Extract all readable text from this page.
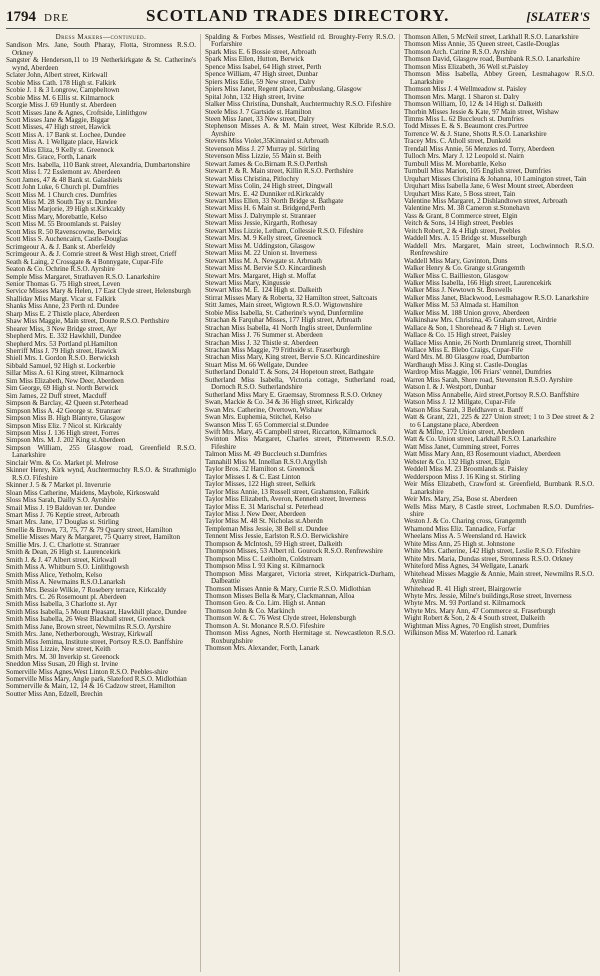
1794 DRE	SCOTLAND TRADES DIRECTORY.	[SLATER'S
Dress Makers—continued.

Sandison Mrs. Jane, South Pharay, Flotta, Stromness R.S.O. Orkney

Sangster & Henderson,11 to 19 Netherkirkgate & St. Catherine's wynd, Aberdeen

Sclater John, Albert street, Kirkwall

Scobie Miss Cath. 178 High st. Falkirk

Scobie J. 1 & 3 Longrow, Campbeltown

Scobie Miss M. 6 Ellis st. Kilmarnock

Scorgie Miss J. 69 Huntly st. Aberdeen

Scott Misses Jane & Agnes, Croftside, Linlithgow

Scott Misses Jane & Maggie, Biggar

Scott Misses, 47 High street, Hawick

Scott Miss A. 17 Bank st. Lochee, Dundee

Scott Miss A. 1 Wellgate place, Hawick

Scott Miss Eliza, 9 Kelly st. Greenock

Scott Mrs. Grace, Forth, Lanark

Scott Mrs. Isabella, 110 Bank street, Alexandria, Dumbartonshire

Scott Miss I. 72 Esslemont av. Aberdeen

Scott James, 47 & 48 Bank st. Galashiels

Scott John Luke, 6 Church pl. Dumfries

Scott Miss M. 1 Church cres. Dumfries

Scott Miss M. 28 South Tay st. Dundee

Scott Miss Marjorie, 39 High st.Kirkcaldy

Scott Miss Mary, Morebattle, Kelso

Scott Miss M. 55 Broomlands st. Paisley

Scott Miss R. 50 Ravenscowne, Berwick

Scott Miss S. Auchencairn, Castle-Douglas

Scrimgeour A. & J. Bank st. Aberfeldy

Scrimgeour A. & J. Comrie street & West High street, Crieff

Seath & Laing, 2 Crossgate & 4 Bonnygate, Cupar-Fife

Seaton & Co. Ochrine R.S.O. Ayrshire

Semple Miss Margaret, Strathaven R.S.O. Lanarkshire

Senior Thomas G. 75 High street, Leven

Service Misses Mary & Helen, 17 East Clyde street, Helensburgh

Shalliday Miss Margt. Vicar st. Falkirk

Shanks Miss Anne, 23 Perth rd. Dundee

Sharp Miss E. 2 Thistle place, Aberdeen

Shaw Miss Maggie, Main street, Doune R.S.O. Perthshire

Shearer Miss, 3 New Bridge street, Ayr

Shepherd Mrs. E. 332 Hawkhill, Dundee

Shepherd Mrs. 53 Portland pl.Hamilton

Sherriff Miss J. 79 High street, Hawick

Shiell Mrs. I. Gordon R.S.O. Berwicksh

Sibbald Samuel, 92 High st. Lockerbie

Sillar Miss A. 61 King street, Kilmarnock

Sim Miss Elizabeth, New Deer, Aberdeen

Sim George, 69 High st. North Berwick

Sim James, 22 Duff street, Macduff

Simpson & Barclay, 42 Queen st.Peterhead

Simpson Miss A. 42 George st. Stranraer

Simpson Miss B. High Blantyre, Glasgow

Simpson Miss Eliz. 7 Nicol st. Kirkcaldy

Simpson Miss J. 136 High street, Forres

Simpson Mrs. M. J. 202 King st.Aberdeen

Simpson William, 255 Glasgow road, Greenfield R.S.O. Lanarkshire

Sinclair Wm. & Co. Market pl. Melrose

Skinner Henry, Kirk wynd, Auchtermuchty R.S.O. & Strathmiglo R.S.O. Fifeshire

Skinner J. 5 & 7 Market pl. Inverurie

Sloan Miss Catherine, Maidens, Maybole, Kirkoswald

Sloss Miss Sarah, Dailly S.O. Ayrshire

Smail Miss J. 19 Baldovan ter. Dundee

Smart Miss J. 76 Keptie street, Arbroath

Smart Mrs. Jane, 17 Douglas st. Stirling

Smellie & Brown, 73, 75, 77 & 79 Quarry street, Hamilton

Smellie Misses Mary & Margaret, 75 Quarry street, Hamilton

Smillie Mrs. J. C. Charlotte st. Stranraer

Smith & Dean, 26 High st. Laurencekirk

Smith J. & J. 47 Albert street, Kirkwall

Smith Miss A. Whitburn S.O. Linlithgowsh

Smith Miss Alice, Yetholm, Kelso

Smith Miss A. Newmains R.S.O.Lanarksh

Smith Mrs. Bessie Wilkie, 7 Rosebery terrace, Kirkcaldy

Smith Mrs. C. 26 Rosemount pl. Aberdeen

Smith Miss Isabella, 3 Charlotte st. Ayr

Smith Miss Isabella, 5 Mount Pleasant, Hawkhill place, Dundee

Smith Miss Isabella, 26 West Blackhall street, Greenock

Smith Miss Jane, Brown street, Newmilns R.S.O. Ayrshire

Smith Mrs. Jane, Netherborough, Westray, Kirkwall

Smith Miss Jemima, Institute street, Portsoy R.S.O. Banffshire

Smith Miss Lizzie, New street, Keith

Smith Mrs. M. 30 Inverkip st. Greenock

Sneddon Miss Susan, 20 High st. Irvine

Somerville Miss Agnes,West Linton R.S.O. Peebles-shire

Somerville Miss Mary, Angle park, Slateford R.S.O. Midlothian

Sommerville & Main, 12, 14 & 16 Cadzow street, Hamilton

Soutter Miss Ann, Edzell, Brechin

Spalding & Forbes Misses, Westfield rd. Broughty-Ferry R.S.O. Forfarshire

Spark Miss E. 6 Bossie street, Arbroath

Spark Miss Ellen, Hutton, Berwick

Spence Miss Isabel, 64 High street, Perth

Spence William, 47 High street, Dunbar

Spiers Miss Edie, 59 New street, Dalry

Spiers Miss Janet, Regent place, Cambuslang, Glasgow

Spital John, 132 High street, Irvine

Stalker Miss Christina, Dunshalt, Auchtermuchty R.S.O. Fifeshire

Steele Miss J. 7 Gartside st. Hamilton

Steen Miss Janet, 33 New street, Dalry

Stephenson Misses A. & M. Main street, West Kilbride R.S.O. Ayrshire

Stevens Miss Violet,35Kinnaird st.Arbroath

Stevenson Miss J. 27 Murray pl. Stirling

Stevenson Miss Lizzie, 55 Main st. Beith

Stewart James & Co.Birnam R.S.O.Perthsh

Stewart P. & R. Main street, Killin R.S.O. Perthshire

Stewart Miss Christina, Pitlochry

Stewart Miss Colin, 24 High street, Dingwall

Stewart Mrs. E. 42 Dunniker rd.Kirkcaldy

Stewart Miss Ellen, 33 North Bridge st. Bathgate

Stewart Miss H. 6 Main st. Bridgend,Perth

Stewart Miss J. Dalrymple st. Stranraer

Stewart Miss Jessie, Kirgarth, Rothesay

Stewart Miss Lizzie, Letham, Collessie R.S.O. Fifeshire

Stewart Mrs. M. 9 Kelly street, Greenock

Stewart Miss M. Uddingston, Glasgow

Stewart Miss M. 22 Union st. Inverness

Stewart Miss M. A. Newgate st. Arbroath

Stewart Miss M. Bervie S.O. Kincardinesh

Stewart Mrs. Margaret, High st. Moffat

Stewart Miss Mary, Kingussie

Stewart Miss M. E. 124 High st. Dalkeith

Stirrat Misses Mary & Roberta, 32 Hamilton street, Saltcoats

Stitt James, Main street, Wigtown R.S.O. Wigtownshire

Stobie Miss Isabella, St. Catherine's wynd, Dunfermline

Strachan & Farquhar Misses, 177 High street, Arbroath

Strachan Miss Isabella, 41 North Inglis street, Dunfermline

Strachan Miss J. 76 Summer st. Aberdeen

Strachan Miss J. 32 Thistle st. Aberdeen

Strachan Miss Maggie, 79 Frithside st. Fraserburgh

Strachan Miss Mary, King street, Bervie S.O. Kincardineshire

Stuart Miss M. 66 Wellgate, Dundee

Sutherland Donald T. & Sons, 24 Hopetoun street, Bathgate

Sutherland Miss Isabella, Victoria cottage, Sutherland road, Dornoch R.S.O. Sutherlandshire

Sutherland Miss Mary E. Graemsay, Stromness R.S.O. Orkney

Swan, Mackie & Co. 34 & 36 High street, Kirkcaldy

Swan Mrs. Catherine, Overtown, Wishaw

Swan Mrs. Euphemia, Stitchel, Kelso

Swanson Miss T. 65 Commercial st.Dundee

Swift Mrs. Mary, 45 Campbell street, Riccarton, Kilmarnock

Swinton Miss Margaret, Charles street, Pittenweem R.S.O. Fifeshire

Talmon Miss M. 49 Buccleuch st.Dumfries

Tannahill Miss M. Innellan R.S.O.Argyllsh

Taylor Bros. 32 Hamilton st. Greenock

Taylor Misses I. & C. East Linton

Taylor Misses, 122 High street, Selkirk

Taylor Miss Annie, 13 Russell street, Grahamston, Falkirk

Taylor Miss Elizabeth, Averon, Kenneth street, Inverness

Taylor Miss E. 31 Marischal st. Peterhead

Taylor Miss J. New Deer, Aberdeen

Taylor Miss M. 48 St. Nicholas st.Aberdn

Templeman Miss Jessie, 38 Bell st. Dundee

Tennent Miss Jessie, Earlston R.S.O. Berwickshire

Thompson & McIntosh, 59 High street, Dalkeith

Thompson Misses, 53 Albert rd. Gourock R.S.O. Renfrewshire

Thompson Miss C. Leitholm, Coldstream

Thompson Miss I. 93 King st. Kilmarnock

Thompson Miss Margaret, Victoria street, Kirkpatrick-Durham, Dalbeattie

Thomson Misses Annie & Mary, Currie R.S.O. Midlothian

Thomson Misses Bella & Mary, Clackmannan, Alloa

Thomson Geo. & Co. Lim. High st. Annan

Thomson John & Co. Markinch

Thomson W. & C. 76 West Clyde street, Helensburgh

Thomson A. St. Monance R.S.O. Fifeshire

Thomson Miss Agnes, North Hermitage st. Newcastleton R.S.O. Roxburghshire

Thomson Mrs. Alexander, Forth, Lanark

Thomson Allen, 5 McNeil street, Larkhall R.S.O. Lanarkshire

Thomson Miss Annie, 35 Queen street, Castle-Douglas

Thomson Arch. Catrine R.S.O. Ayrshire

Thomson David, Glasgow road, Burnbank R.S.O. Lanarkshire

Thomson Miss Elizabeth, 36 Well st.Paisley

Thomson Miss Isabella, Abbey Green, Lesmahagow R.S.O. Lanarkshire

Thomson Miss J. 4 Wellmeadow st. Paisley

Thomson Mrs. Margt. 1 Sharon st. Dalry

Thomson William, 10, 12 & 14 High st. Dalkeith

Thorbin Misses Jessie & Kate, 97 Main street, Wishaw

Timms Miss L. 62 Buccleuch st. Dumfries

Todd Misses E. & S. Beaumont cres.Portree

Torrence W. & J. Stane, Shotts R.S.O. Lanarkshire

Tracey Mrs. C. Atholl street, Dunkeld

Trendall Miss Annie, 56 Menzies rd. Torry, Aberdeen

Tulloch Mrs. Mary J. 12 Leopold st. Nairn

Turnbull Miss M. Morebattle, Kelso

Turnbull Miss Marion, 105 English street, Dumfries

Urquhart Misses Christina & Johanna, 10 Lamington street, Tain

Urquhart Miss Isabella Jane, 6 West Mount street, Aberdeen

Urquhart Miss Kate, 5 Boss street, Tain

Valentine Miss Margaret, 2 Dishlandtown street, Arbroath

Valentine Mrs. M. 38 Cameron st.Stonehavn

Vass & Grant, 8 Commerce street, Elgin

Veitch & Sons, 14 High street, Peebles

Veitch Robert, 2 & 4 High street, Peebles

Waddell Mrs. A. 15 Bridge st. Musselburgh

Waddell Mrs. Margaret, Main street, Lochwinnoch R.S.O. Renfrewshire

Waddell Miss Mary, Gavinton, Duns

Walker Henry & Co. Grange st.Grangemth

Walker Miss C. Baillieston, Glasgow

Walker Miss Isabella, 166 High street, Laurencekirk

Walker Miss J. Newtown St. Boswells

Walker Miss Janet, Blackwood, Lesmahagow R.S.O. Lanarkshire

Walker Miss M. 53 Almada st. Hamilton

Walker Miss M. 188 Union grove, Aberdeen

Walkinshaw Mrs. Christina, 45 Graham street, Airdrie

Wallace & Son, 1 Shorehead & 7 High st. Leven

Wallace & Co. 15 High street, Paisley

Wallace Miss Annie, 26 North Drumlanrig street, Thornhill

Wallace Miss E. Blebo Craigs, Cupar-Fife

Ward Mrs. M. 80 Glasgow road, Dumbarton

Wardhaugh Miss J. King st. Castle-Douglas

Wardrop Miss Maggie, 106 Friars' vennel, Dumfries

Warren Miss Sarah, Shore road, Stevenston R.S.O. Ayrshire

Watson I. & J. Westport, Dunbar

Watson Miss Annabelle, Aird street,Portsoy R.S.O. Banffshire

Watson Miss J. 12 Millgate, Cupar-Fife

Watson Miss Sarah, 3 Beldhaven st. Banff

Watt & Grant, 221, 225 & 227 Union street; 1 to 3 Dee street & 2 to 6 Langstane place, Aberdeen

Watt & Milne, 172 Union street, Aberdeen

Watt & Co. Union street, Larkhall R.S.O. Lanarkshire

Watt Miss Janet, Cumming street, Forres

Watt Miss Mary Ann, 83 Rosemount viaduct, Aberdeen

Webster & Co. 132 High street, Elgin

Weddell Miss M. 23 Broomlands st. Paisley

Wedderspoon Miss J. 16 King st. Stirling

Weir Miss Elizabeth, Crawford st. Greenfield, Burnbank R.S.O. Lanarkshire

Weir Mrs. Mary, 25a, Bose st. Aberdeen

Wells Miss Mary, 8 Castle street, Lochmaben R.S.O. Dumfries-shire

Weston J. & Co. Charing cross, Grangemth

Whamond Miss Eliz. Tannadice, Forfar

Wheelans Miss A. 5 Weensland rd. Hawick

White Miss Ann, 25 High st. Johnstone

White Mrs. Catherine, 142 High street, Leslie R.S.O. Fifeshire

White Mrs. Maria, Dundas street, Stromness R.S.O. Orkney

Whiteford Miss Agnes, 34 Wellgate, Lanark

Whitehead Misses Maggie & Annie, Main street, Newmilns R.S.O. Ayrshire

Whitehead R. 41 High street, Blairgowrie

Whyte Mrs. Jessie, Milne's buildings,Rose street, Inverness

Whyte Mrs. M. 93 Portland st. Kilmarnock

Whyte Mrs. Mary Ann, 47 Commerce st. Fraserburgh

Wight Robert & Son, 2 & 4 South street, Dalkeith

Wightman Miss Agnes, 70 English street, Dumfries

Wilkinson Miss M. Waterloo rd. Lanark
